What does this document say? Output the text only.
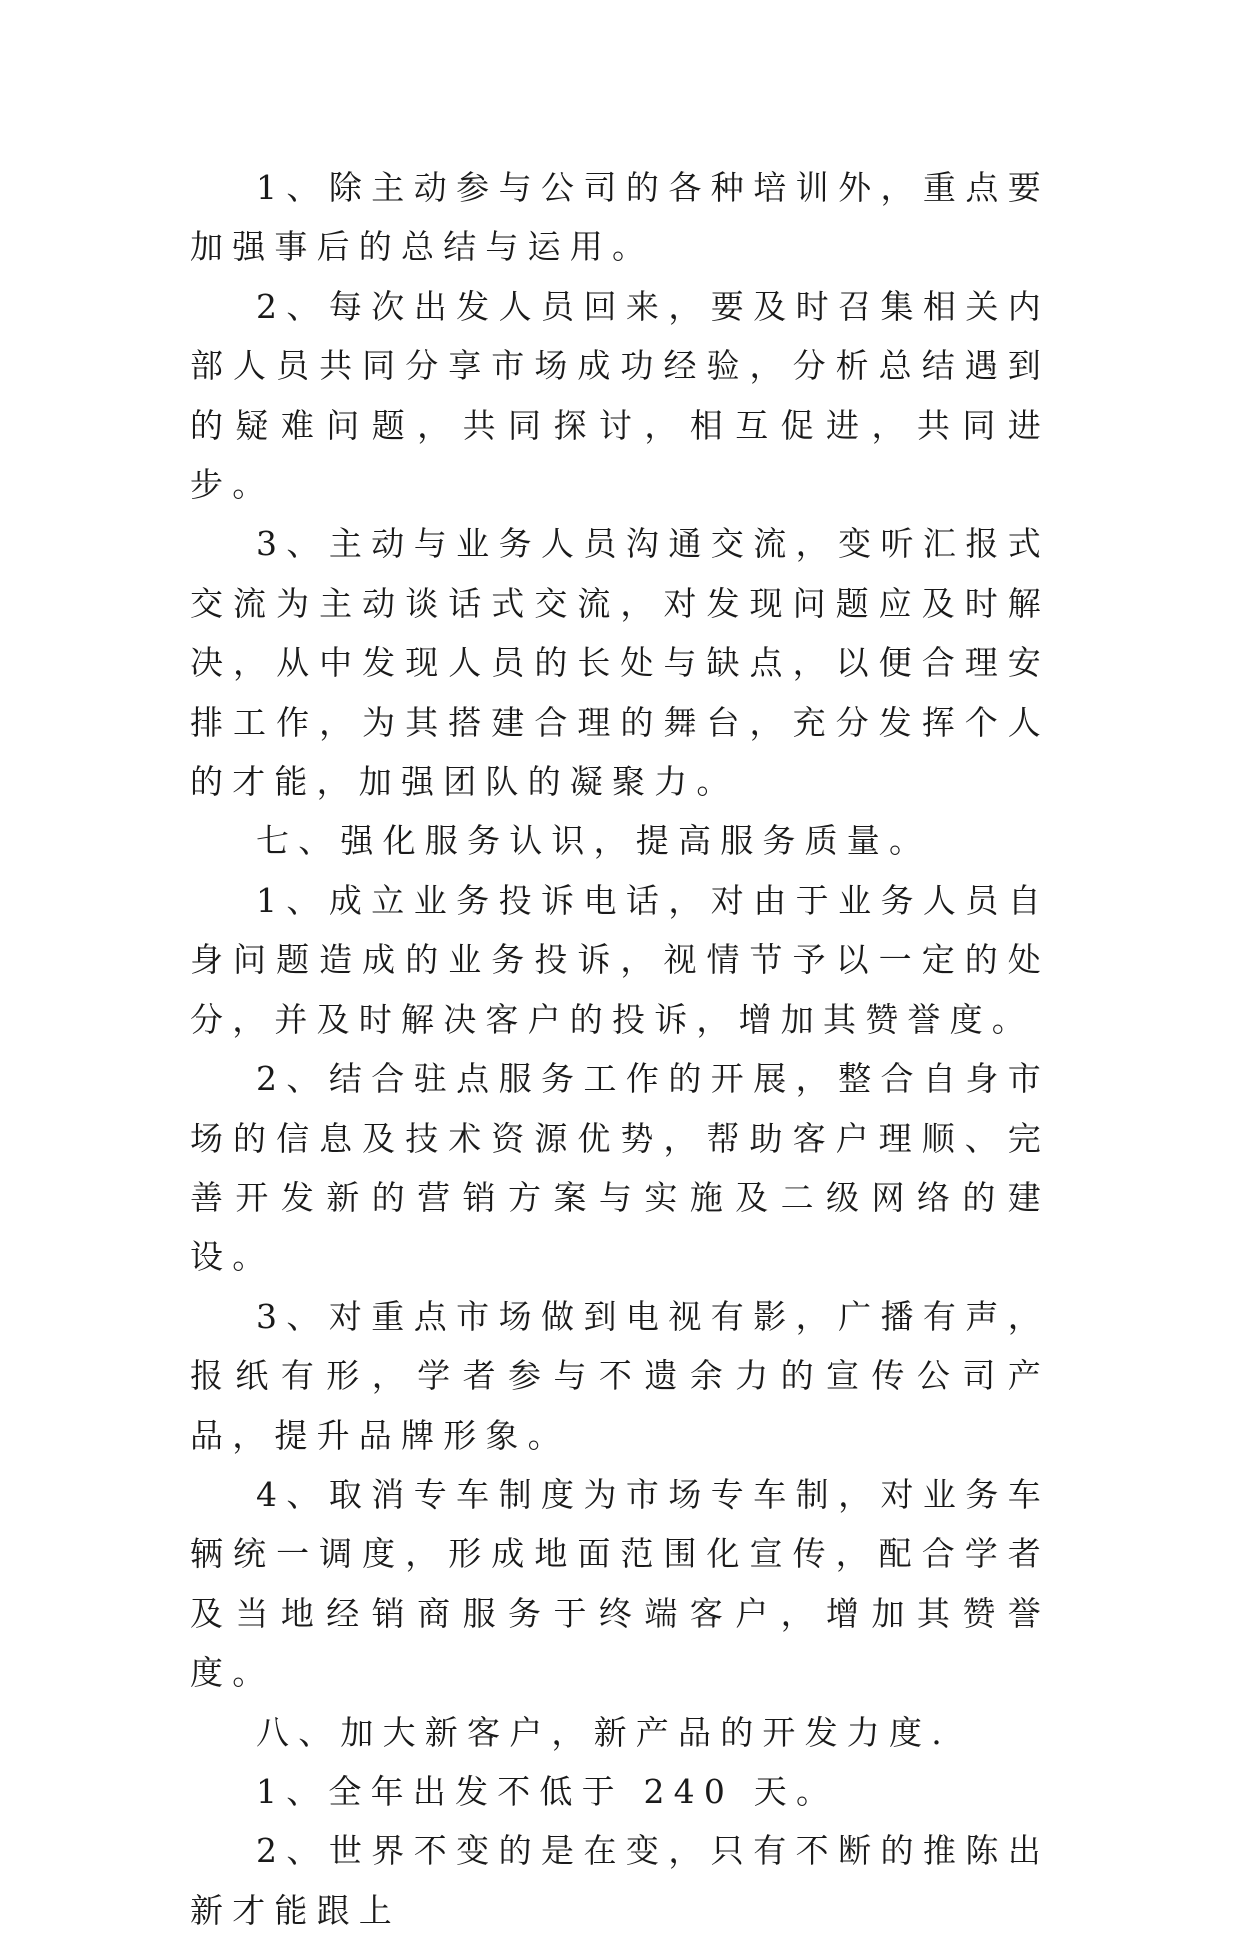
1、除主动参与公司的各种培训外，重点要加强事后的总结与运用。

2、每次出发人员回来，要及时召集相关内部人员共同分享市场成功经验，分析总结遇到的疑难问题，共同探讨，相互促进，共同进步。

3、主动与业务人员沟通交流，变听汇报式交流为主动谈话式交流，对发现问题应及时解决，从中发现人员的长处与缺点，以便合理安排工作，为其搭建合理的舞台，充分发挥个人的才能，加强团队的凝聚力。

七、强化服务认识，提高服务质量。

1、成立业务投诉电话，对由于业务人员自身问题造成的业务投诉，视情节予以一定的处分，并及时解决客户的投诉，增加其赞誉度。

2、结合驻点服务工作的开展，整合自身市场的信息及技术资源优势，帮助客户理顺、完善开发新的营销方案与实施及二级网络的建设。

3、对重点市场做到电视有影，广播有声，报纸有形，学者参与不遗余力的宣传公司产品，提升品牌形象。

4、取消专车制度为市场专车制，对业务车辆统一调度，形成地面范围化宣传，配合学者及当地经销商服务于终端客户，增加其赞誉度。

八、加大新客户，新产品的开发力度.

1、全年出发不低于 240 天。

2、世界不变的是在变，只有不断的推陈出新才能跟上
